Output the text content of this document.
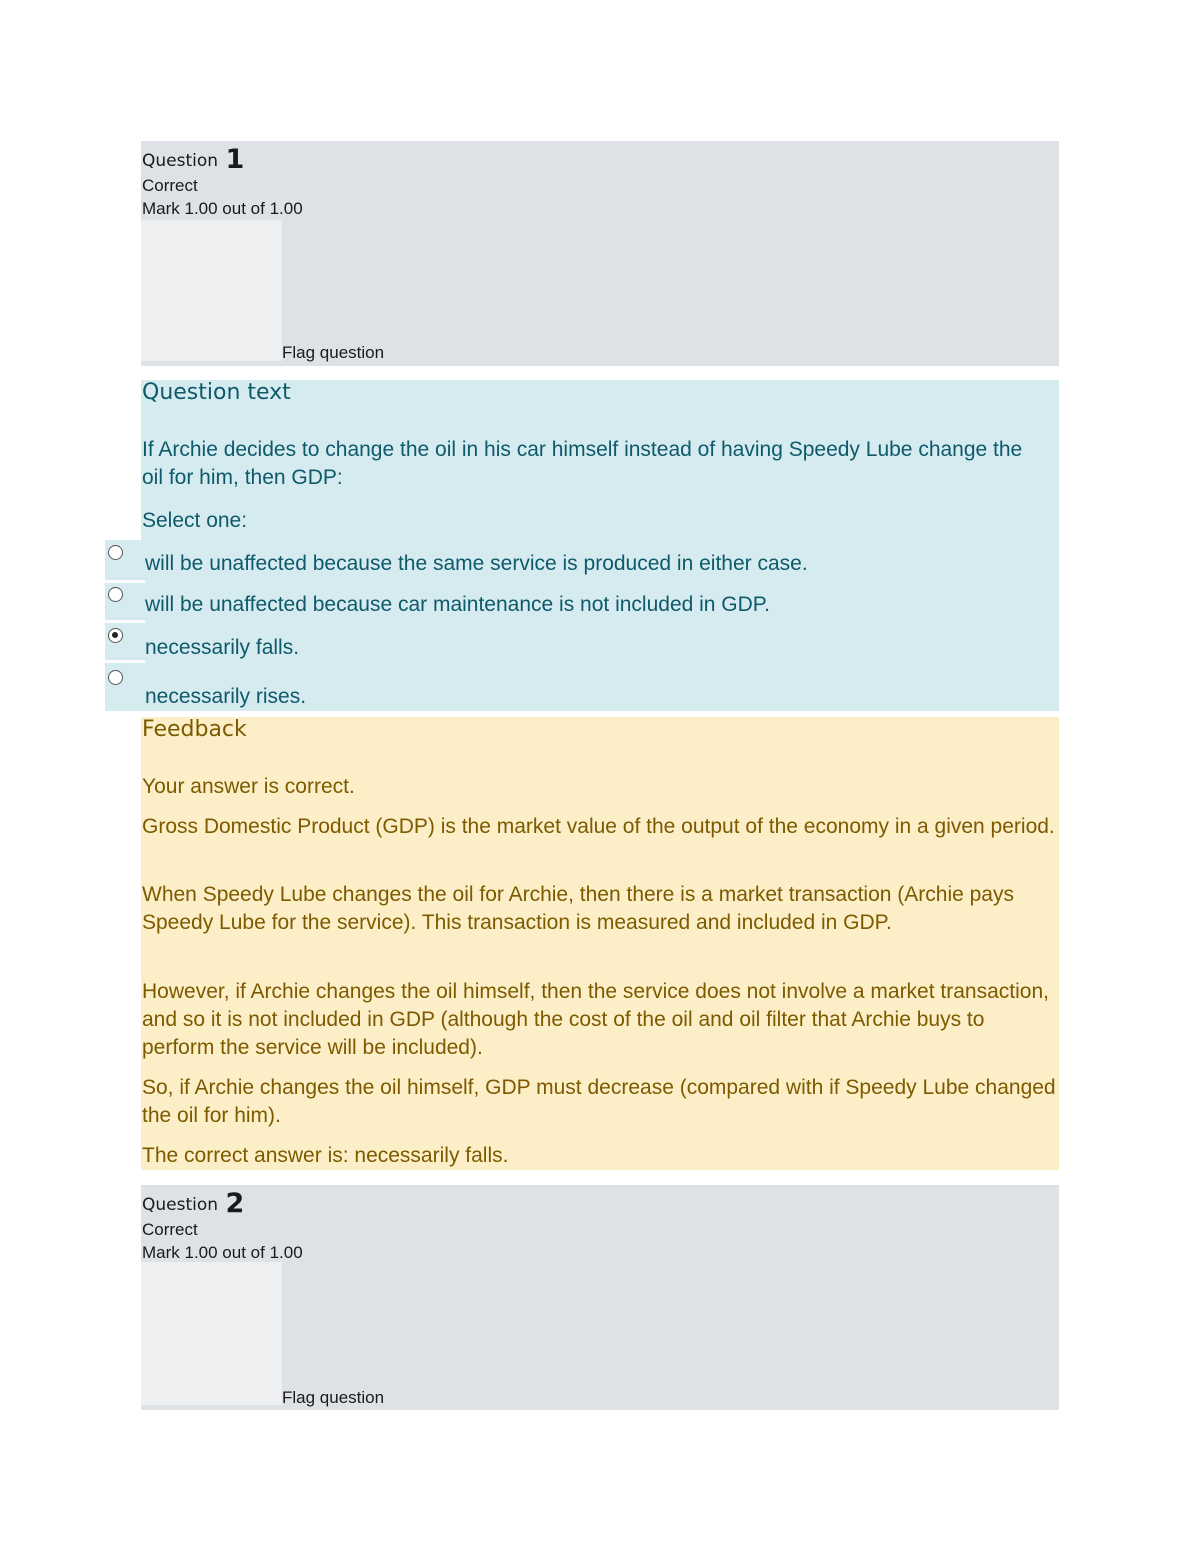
Question 1
Correct
Mark 1.00 out of 1.00
Flag question
Question text
If Archie decides to change the oil in his car himself instead of having Speedy Lube change the oil for him, then GDP:
Select one:
will be unaffected because the same service is produced in either case.
will be unaffected because car maintenance is not included in GDP.
necessarily falls.
necessarily rises.
Feedback

Your answer is correct.

Gross Domestic Product (GDP) is the market value of the output of the economy in a given period.

When Speedy Lube changes the oil for Archie, then there is a market transaction (Archie pays Speedy Lube for the service). This transaction is measured and included in GDP.

However, if Archie changes the oil himself, then the service does not involve a market transaction, and so it is not included in GDP (although the cost of the oil and oil filter that Archie buys to perform the service will be included).

So, if Archie changes the oil himself, GDP must decrease (compared with if Speedy Lube changed the oil for him).

The correct answer is: necessarily falls.

Question 2
Correct
Mark 1.00 out of 1.00
Flag question
